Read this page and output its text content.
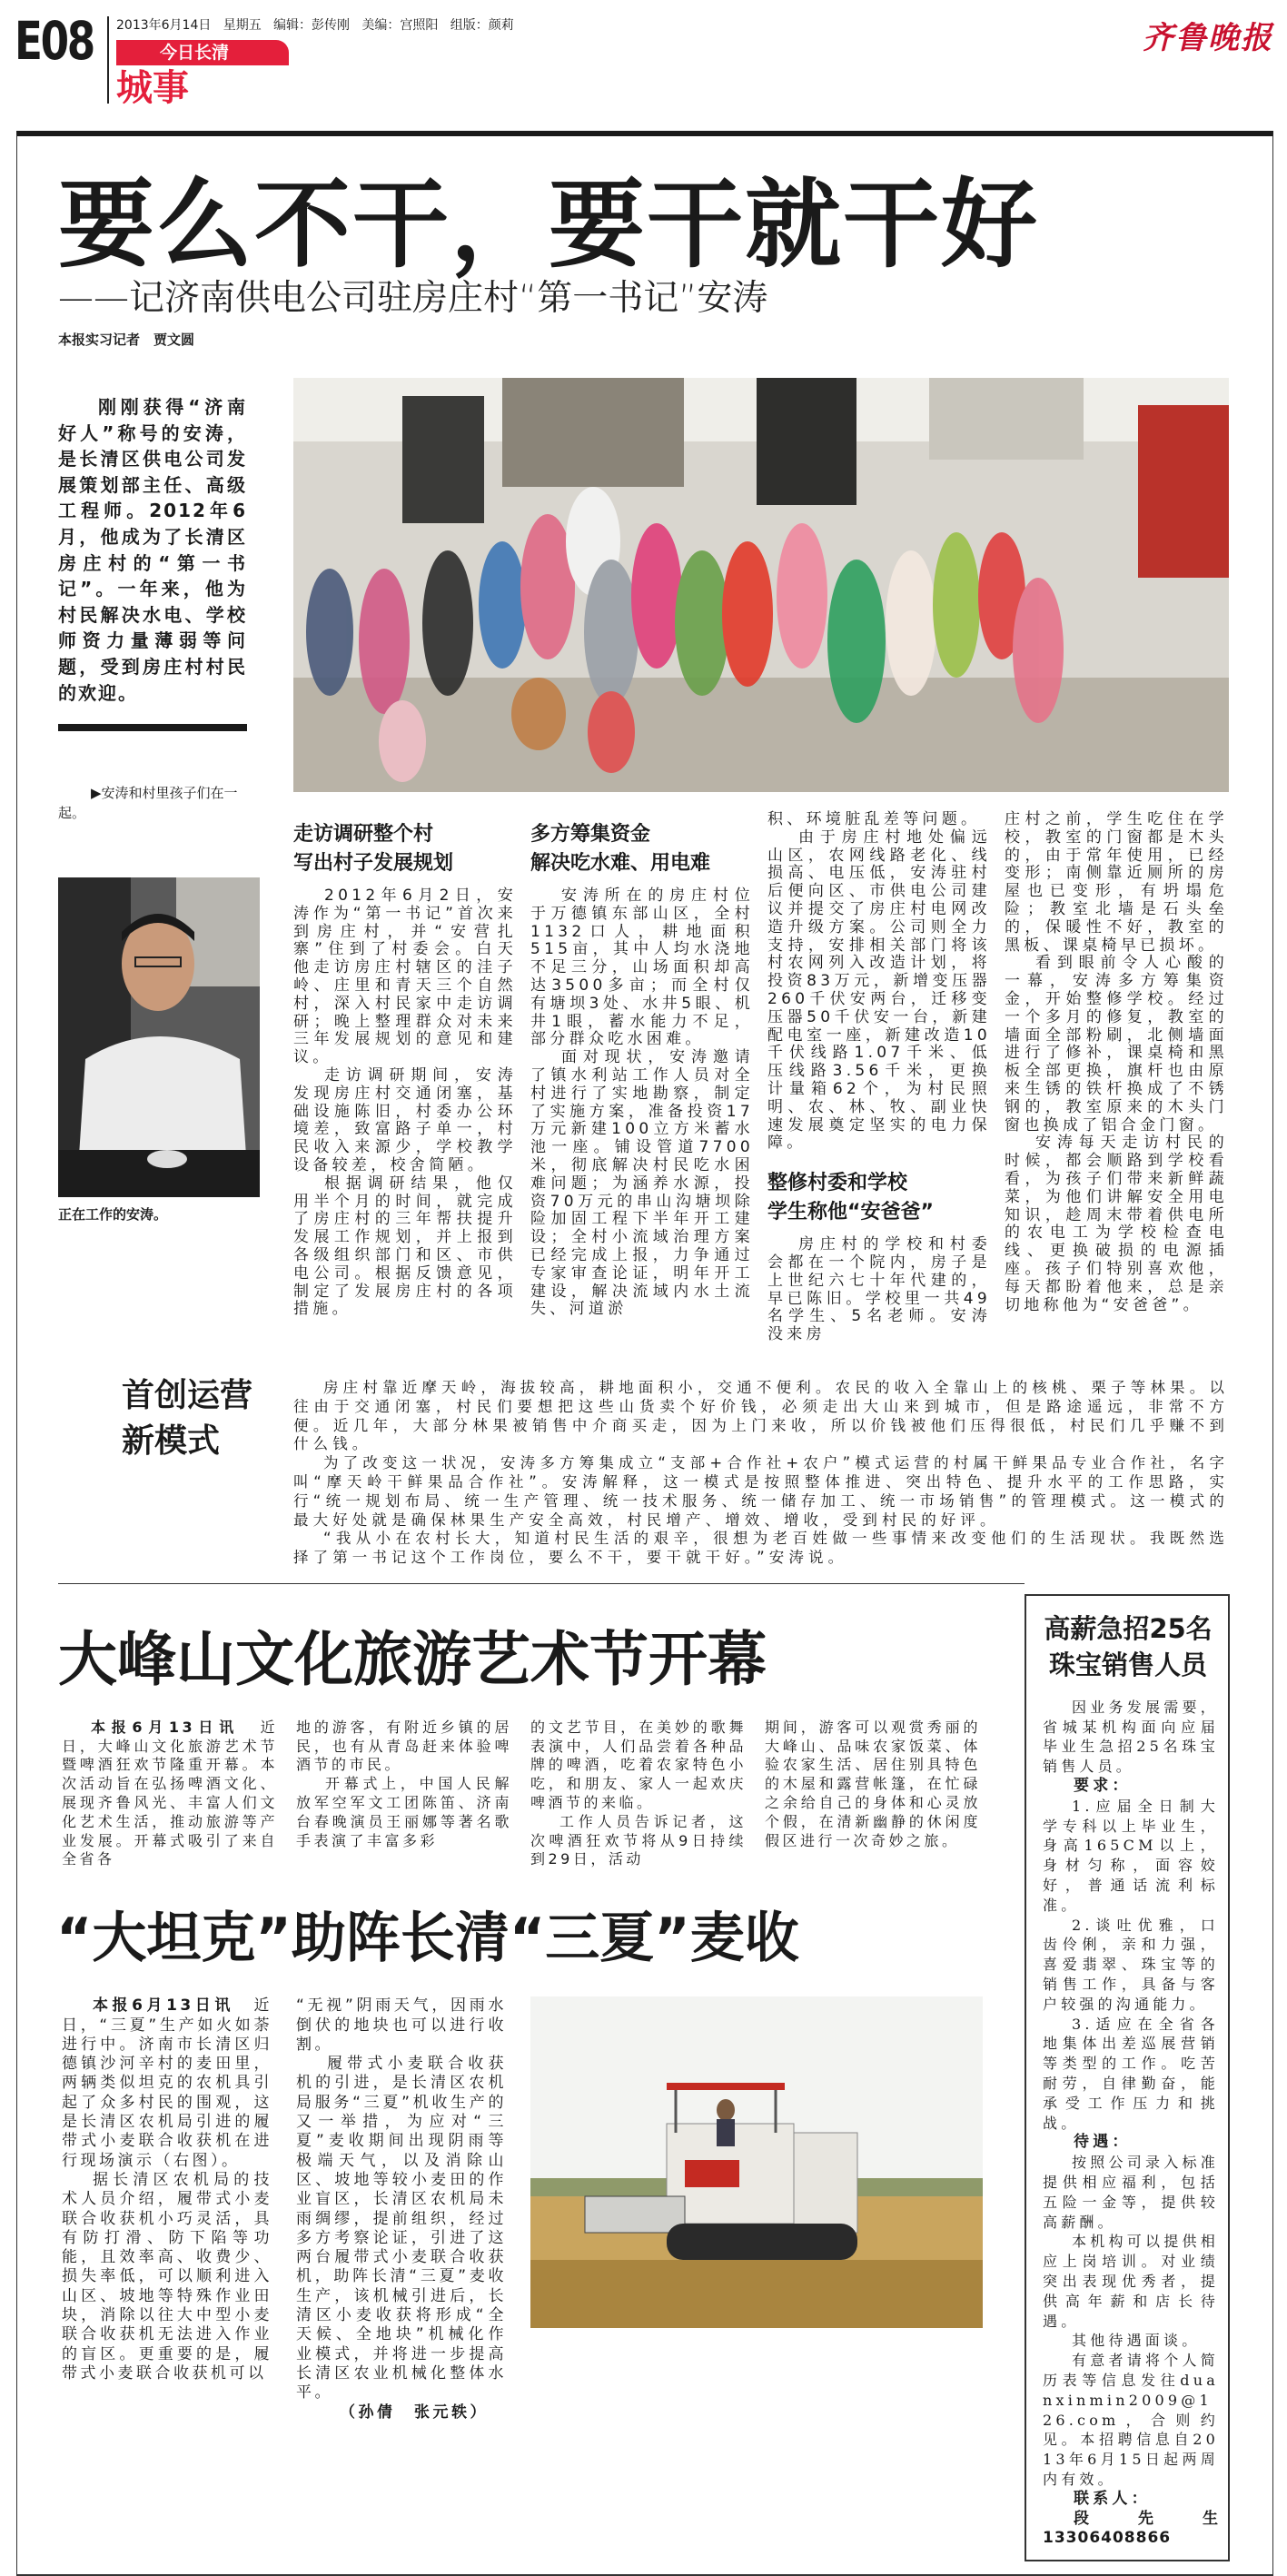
E08 2013年6月14日   星期五   编辑：彭传刚   美编：宫照阳   组版：颜莉
今日长清
城事
齐鲁晚报
要么不干，要干就干好
——记济南供电公司驻房庄村“第一书记”安涛
本报实习记者　贾文圆

刚刚获得“济南好人”称号的安涛，是长清区供电公司发展策划部主任、高级工程师。2012年6月，他成为了长清区房庄村的“第一书记”。一年来，他为村民解决水电、学校师资力量薄弱等问题，受到房庄村村民的欢迎。

▶安涛和村里孩子们在一起。

正在工作的安涛。
走访调研整个村
写出村子发展规划

2012年6月2日，安涛作为“第一书记”首次来到房庄村，并“安营扎寨”住到了村委会。白天他走访房庄村辖区的洼子岭、庄里和青天三个自然村，深入村民家中走访调研；晚上整理群众对未来三年发展规划的意见和建议。

走访调研期间，安涛发现房庄村交通闭塞，基础设施陈旧，村委办公环境差，致富路子单一，村民收入来源少，学校教学设备较差，校舍简陋。

根据调研结果，他仅用半个月的时间，就完成了房庄村的三年帮扶提升发展工作规划，并上报到各级组织部门和区、市供电公司。根据反馈意见，制定了发展房庄村的各项措施。

多方筹集资金
解决吃水难、用电难

安涛所在的房庄村位于万德镇东部山区，全村1132口人，耕地面积515亩，其中人均水浇地不足三分，山场面积却高达3500多亩；而全村仅有塘坝3处、水井5眼、机井1眼，蓄水能力不足，部分群众吃水困难。

面对现状，安涛邀请了镇水利站工作人员对全村进行了实地勘察，制定了实施方案，准备投资17万元新建100立方米蓄水池一座。铺设管道7700米，彻底解决村民吃水困难问题；为涵养水源，投资70万元的串山沟塘坝除险加固工程下半年开工建设；全村小流域治理方案已经完成上报，力争通过专家审查论证，明年开工建设，解决流域内水土流失、河道淤

积、环境脏乱差等问题。

由于房庄村地处偏远山区，农网线路老化、线损高、电压低，安涛驻村后便向区、市供电公司建议并提交了房庄村电网改造升级方案。公司则全力支持，安排相关部门将该村农网列入改造计划，将投资83万元，新增变压器260千伏安两台，迁移变压器50千伏安一台，新建配电室一座，新建改造10千伏线路1.07千米、低压线路3.56千米，更换计量箱62个，为村民照明、农、林、牧、副业快速发展奠定坚实的电力保障。

整修村委和学校
学生称他“安爸爸”

房庄村的学校和村委会都在一个院内，房子是上世纪六七十年代建的，早已陈旧。学校里一共49名学生、5名老师。安涛没来房

庄村之前，学生吃住在学校，教室的门窗都是木头的，由于常年使用，已经变形；南侧靠近厕所的房屋也已变形，有坍塌危险；教室北墙是石头垒的，保暖性不好，教室的黑板、课桌椅早已损坏。

看到眼前令人心酸的一幕，安涛多方筹集资金，开始整修学校。经过一个多月的修复，教室的墙面全部粉刷，北侧墙面进行了修补，课桌椅和黑板全部更换，旗杆也由原来生锈的铁杆换成了不锈钢的，教室原来的木头门窗也换成了铝合金门窗。

安涛每天走访村民的时候，都会顺路到学校看看，为孩子们带来新鲜蔬菜，为他们讲解安全用电知识，趁周末带着供电所的农电工为学校检查电线、更换破损的电源插座。孩子们特别喜欢他，每天都盼着他来，总是亲切地称他为“安爸爸”。

首创运营
新模式

房庄村靠近摩天岭，海拔较高，耕地面积小，交通不便利。农民的收入全靠山上的核桃、栗子等林果。以往由于交通闭塞，村民们要想把这些山货卖个好价钱，必须走出大山来到城市，但是路途遥远，非常不方便。近几年，大部分林果被销售中介商买走，因为上门来收，所以价钱被他们压得很低，村民们几乎赚不到什么钱。

为了改变这一状况，安涛多方筹集成立“支部+合作社+农户”模式运营的村属干鲜果品专业合作社，名字叫“摩天岭干鲜果品合作社”。安涛解释，这一模式是按照整体推进、突出特色、提升水平的工作思路，实行“统一规划布局、统一生产管理、统一技术服务、统一储存加工、统一市场销售”的管理模式。这一模式的最大好处就是确保林果生产安全高效，村民增产、增效、增收，受到村民的好评。

“我从小在农村长大，知道村民生活的艰辛，很想为老百姓做一些事情来改变他们的生活现状。我既然选择了第一书记这个工作岗位，要么不干，要干就干好。”安涛说。

大峰山文化旅游艺术节开幕

本报6月13日讯　 近日，大峰山文化旅游艺术节暨啤酒狂欢节隆重开幕。本次活动旨在弘扬啤酒文化、展现齐鲁风光、丰富人们文化艺术生活，推动旅游等产业发展。开幕式吸引了来自全省各

地的游客，有附近乡镇的居民，也有从青岛赶来体验啤酒节的市民。

开幕式上，中国人民解放军空军文工团陈笛、济南台春晚演员王丽娜等著名歌手表演了丰富多彩

的文艺节目，在美妙的歌舞表演中，人们品尝着各种品牌的啤酒，吃着农家特色小吃，和朋友、家人一起欢庆啤酒节的来临。

工作人员告诉记者，这次啤酒狂欢节将从9日持续到29日，活动

期间，游客可以观赏秀丽的大峰山、品味农家饭菜、体验农家生活、居住别具特色的木屋和露营帐篷，在忙碌之余给自己的身体和心灵放个假，在清新幽静的休闲度假区进行一次奇妙之旅。

“大坦克”助阵长清“三夏”麦收

本报6月13日讯　 近日，“三夏”生产如火如荼进行中。济南市长清区归德镇沙河辛村的麦田里，两辆类似坦克的农机具引起了众多村民的围观，这是长清区农机局引进的履带式小麦联合收获机在进行现场演示（右图）。

据长清区农机局的技术人员介绍，履带式小麦联合收获机小巧灵活，具有防打滑、防下陷等功能，且效率高、收费少、损失率低，可以顺利进入山区、坡地等特殊作业田块，消除以往大中型小麦联合收获机无法进入作业的盲区。更重要的是，履带式小麦联合收获机可以

“无视”阴雨天气，因雨水倒伏的地块也可以进行收割。

履带式小麦联合收获机的引进，是长清区农机局服务“三夏”机收生产的又一举措，为应对“三夏”麦收期间出现阴雨等极端天气，以及消除山区、坡地等较小麦田的作业盲区，长清区农机局未雨绸缪，提前组织，经过多方考察论证，引进了这两台履带式小麦联合收获机，助阵长清“三夏”麦收生产，该机械引进后，长清区小麦收获将形成“全天候、全地块”机械化作业模式，并将进一步提高长清区农业机械化整体水平。

（孙倩　张元轶）

高薪急招25名
珠宝销售人员

因业务发展需要，省城某机构面向应届毕业生急招25名珠宝销售人员。

要求：

1.应届全日制大学专科以上毕业生，身高165CM以上，身材匀称，面容姣好，普通话流利标准。

2.谈吐优雅，口齿伶俐，亲和力强，喜爱翡翠、珠宝等的销售工作，具备与客户较强的沟通能力。

3.适应在全省各地集体出差巡展营销等类型的工作。吃苦耐劳，自律勤奋，能承受工作压力和挑战。

待遇：

按照公司录入标准提供相应福利，包括五险一金等，提供较高薪酬。

本机构可以提供相应上岗培训。对业绩突出表现优秀者，提供高年薪和店长待遇。

其他待遇面谈。

有意者请将个人简历表等信息发往duanxinmin2009@126.com，合则约见。本招聘信息自2013年6月15日起两周内有效。

联系人：

段先生　13306408866
